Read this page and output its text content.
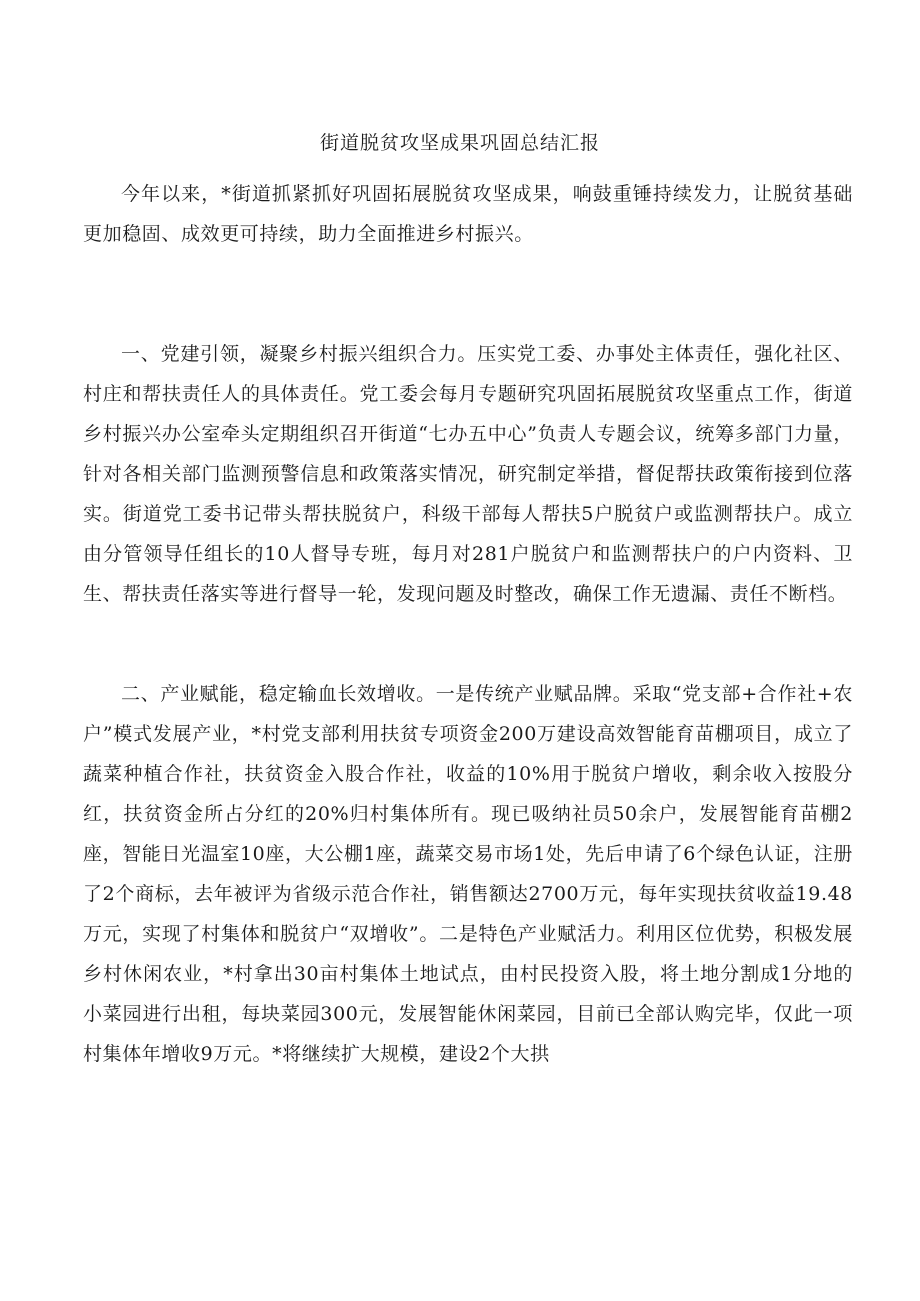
街道脱贫攻坚成果巩固总结汇报

今年以来，*街道抓紧抓好巩固拓展脱贫攻坚成果，响鼓重锤持续发力，让脱贫基础更加稳固、成效更可持续，助力全面推进乡村振兴。

一、党建引领，凝聚乡村振兴组织合力。压实党工委、办事处主体责任，强化社区、村庄和帮扶责任人的具体责任。党工委会每月专题研究巩固拓展脱贫攻坚重点工作，街道乡村振兴办公室牵头定期组织召开街道“七办五中心”负责人专题会议，统筹多部门力量，针对各相关部门监测预警信息和政策落实情况，研究制定举措，督促帮扶政策衔接到位落实。街道党工委书记带头帮扶脱贫户，科级干部每人帮扶5户脱贫户或监测帮扶户。成立由分管领导任组长的10人督导专班，每月对281户脱贫户和监测帮扶户的户内资料、卫生、帮扶责任落实等进行督导一轮，发现问题及时整改，确保工作无遗漏、责任不断档。

二、产业赋能，稳定输血长效增收。一是传统产业赋品牌。采取“党支部+合作社+农户”模式发展产业，*村党支部利用扶贫专项资金200万建设高效智能育苗棚项目，成立了蔬菜种植合作社，扶贫资金入股合作社，收益的10%用于脱贫户增收，剩余收入按股分红，扶贫资金所占分红的20%归村集体所有。现已吸纳社员50余户，发展智能育苗棚2座，智能日光温室10座，大公棚1座，蔬菜交易市场1处，先后申请了6个绿色认证，注册了2个商标，去年被评为省级示范合作社，销售额达2700万元，每年实现扶贫收益19.48万元，实现了村集体和脱贫户“双增收”。二是特色产业赋活力。利用区位优势，积极发展乡村休闲农业，*村拿出30亩村集体土地试点，由村民投资入股，将土地分割成1分地的小菜园进行出租，每块菜园300元，发展智能休闲菜园，目前已全部认购完毕，仅此一项村集体年增收9万元。*将继续扩大规模，建设2个大拱
